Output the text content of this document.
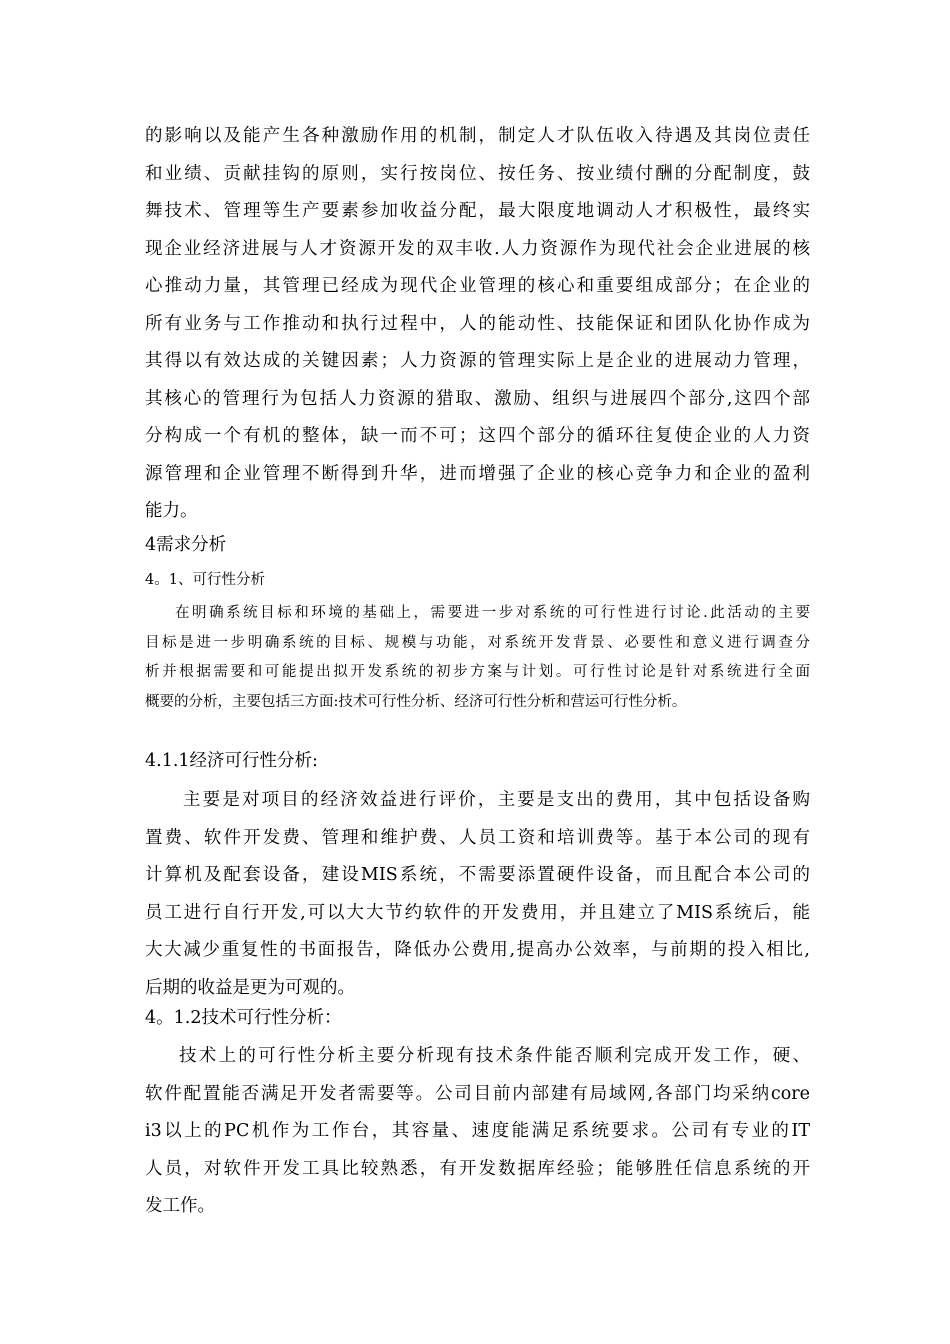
的影响以及能产生各种激励作用的机制，制定人才队伍收入待遇及其岗位责任
和业绩、贡献挂钩的原则，实行按岗位、按任务、按业绩付酬的分配制度，鼓
舞技术、管理等生产要素参加收益分配，最大限度地调动人才积极性，最终实
现企业经济进展与人才资源开发的双丰收.人力资源作为现代社会企业进展的核
心推动力量，其管理已经成为现代企业管理的核心和重要组成部分；在企业的
所有业务与工作推动和执行过程中，人的能动性、技能保证和团队化协作成为
其得以有效达成的关键因素；人力资源的管理实际上是企业的进展动力管理，
其核心的管理行为包括人力资源的猎取、激励、组织与进展四个部分,这四个部
分构成一个有机的整体，缺一而不可；这四个部分的循环往复使企业的人力资
源管理和企业管理不断得到升华，进而增强了企业的核心竞争力和企业的盈利
能力。
4需求分析
4。1、可行性分析
在明确系统目标和环境的基础上，需要进一步对系统的可行性进行讨论.此活动的主要
目标是进一步明确系统的目标、规模与功能，对系统开发背景、必要性和意义进行调查分
析并根据需要和可能提出拟开发系统的初步方案与计划。可行性讨论是针对系统进行全面
概要的分析，主要包括三方面:技术可行性分析、经济可行性分析和营运可行性分析。
4.1.1经济可行性分析:
主要是对项目的经济效益进行评价，主要是支出的费用，其中包括设备购
置费、软件开发费、管理和维护费、人员工资和培训费等。基于本公司的现有
计算机及配套设备，建设MIS系统，不需要添置硬件设备，而且配合本公司的
员工进行自行开发,可以大大节约软件的开发费用，并且建立了MIS系统后，能
大大减少重复性的书面报告，降低办公费用,提高办公效率，与前期的投入相比,
后期的收益是更为可观的。
4。1.2技术可行性分析：
技术上的可行性分析主要分析现有技术条件能否顺利完成开发工作，硬、
软件配置能否满足开发者需要等。公司目前内部建有局域网,各部门均采纳core
i3以上的PC机作为工作台，其容量、速度能满足系统要求。公司有专业的IT
人员，对软件开发工具比较熟悉，有开发数据库经验；能够胜任信息系统的开
发工作。
